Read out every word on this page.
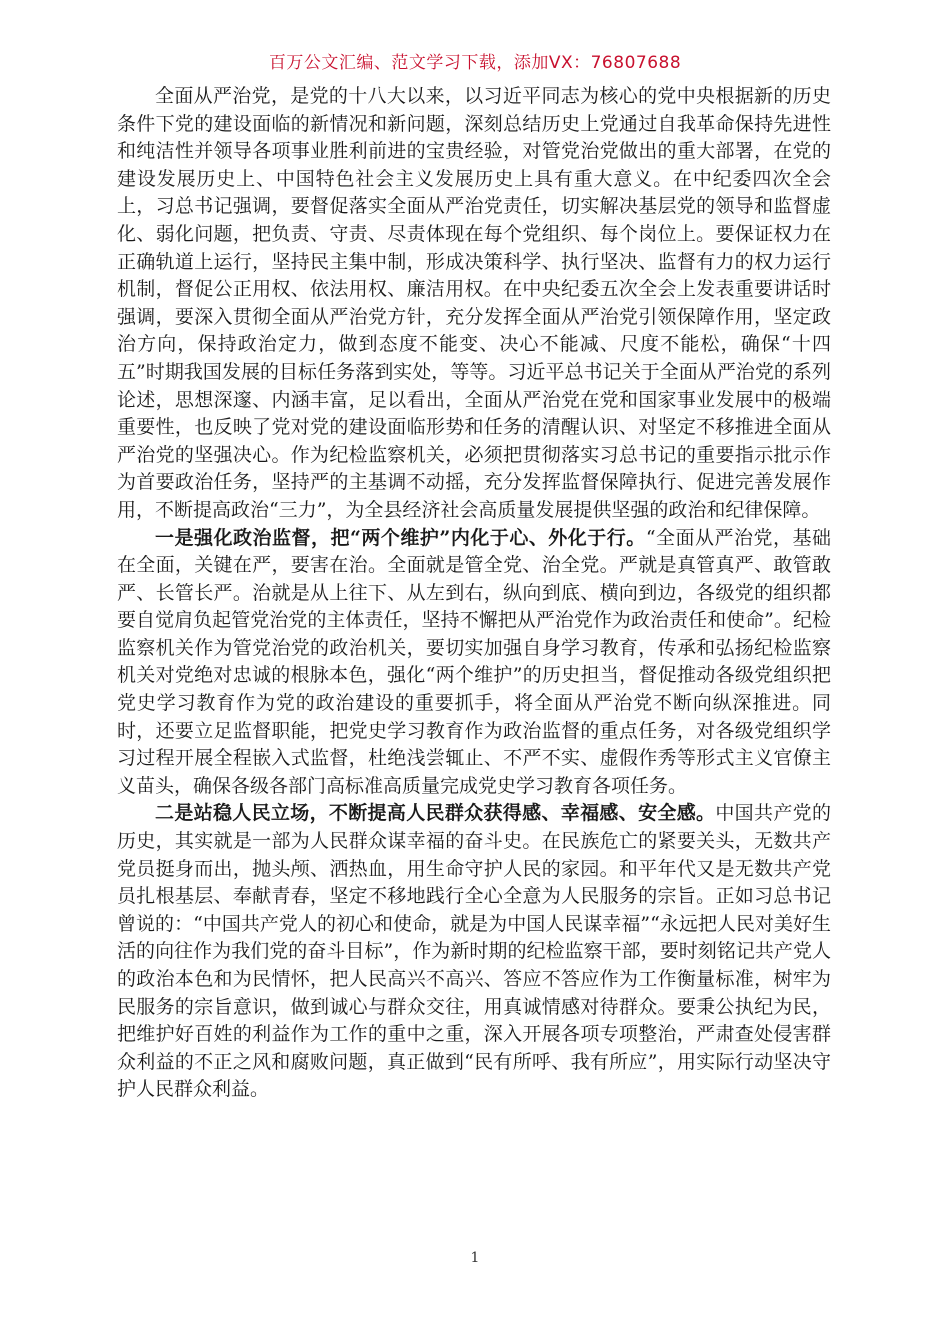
百万公文汇编、范文学习下载，添加VX：76807688

全面从严治党，是党的十八大以来，以习近平同志为核心的党中央根据新的历史条件下党的建设面临的新情况和新问题，深刻总结历史上党通过自我革命保持先进性和纯洁性并领导各项事业胜利前进的宝贵经验，对管党治党做出的重大部署，在党的建设发展历史上、中国特色社会主义发展历史上具有重大意义。在中纪委四次全会上，习总书记强调，要督促落实全面从严治党责任，切实解决基层党的领导和监督虚化、弱化问题，把负责、守责、尽责体现在每个党组织、每个岗位上。要保证权力在正确轨道上运行，坚持民主集中制，形成决策科学、执行坚决、监督有力的权力运行机制，督促公正用权、依法用权、廉洁用权。在中央纪委五次全会上发表重要讲话时强调，要深入贯彻全面从严治党方针，充分发挥全面从严治党引领保障作用，坚定政治方向，保持政治定力，做到态度不能变、决心不能减、尺度不能松，确保“十四五”时期我国发展的目标任务落到实处，等等。习近平总书记关于全面从严治党的系列论述，思想深邃、内涵丰富，足以看出，全面从严治党在党和国家事业发展中的极端重要性，也反映了党对党的建设面临形势和任务的清醒认识、对坚定不移推进全面从严治党的坚强决心。作为纪检监察机关，必须把贯彻落实习总书记的重要指示批示作为首要政治任务，坚持严的主基调不动摇，充分发挥监督保障执行、促进完善发展作用，不断提高政治“三力”，为全县经济社会高质量发展提供坚强的政治和纪律保障。

一是强化政治监督，把“两个维护”内化于心、外化于行。“全面从严治党，基础在全面，关键在严，要害在治。全面就是管全党、治全党。严就是真管真严、敢管敢严、长管长严。治就是从上往下、从左到右，纵向到底、横向到边，各级党的组织都要自觉肩负起管党治党的主体责任，坚持不懈把从严治党作为政治责任和使命”。纪检监察机关作为管党治党的政治机关，要切实加强自身学习教育，传承和弘扬纪检监察机关对党绝对忠诚的根脉本色，强化“两个维护”的历史担当，督促推动各级党组织把党史学习教育作为党的政治建设的重要抓手，将全面从严治党不断向纵深推进。同时，还要立足监督职能，把党史学习教育作为政治监督的重点任务，对各级党组织学习过程开展全程嵌入式监督，杜绝浅尝辄止、不严不实、虚假作秀等形式主义官僚主义苗头，确保各级各部门高标准高质量完成党史学习教育各项任务。

二是站稳人民立场，不断提高人民群众获得感、幸福感、安全感。中国共产党的历史，其实就是一部为人民群众谋幸福的奋斗史。在民族危亡的紧要关头，无数共产党员挺身而出，抛头颅、洒热血，用生命守护人民的家园。和平年代又是无数共产党员扎根基层、奉献青春，坚定不移地践行全心全意为人民服务的宗旨。正如习总书记曾说的：“中国共产党人的初心和使命，就是为中国人民谋幸福”“永远把人民对美好生活的向往作为我们党的奋斗目标”，作为新时期的纪检监察干部，要时刻铭记共产党人的政治本色和为民情怀，把人民高兴不高兴、答应不答应作为工作衡量标准，树牢为民服务的宗旨意识，做到诚心与群众交往，用真诚情感对待群众。要秉公执纪为民，把维护好百姓的利益作为工作的重中之重，深入开展各项专项整治，严肃查处侵害群众利益的不正之风和腐败问题，真正做到“民有所呼、我有所应”，用实际行动坚决守护人民群众利益。

1
